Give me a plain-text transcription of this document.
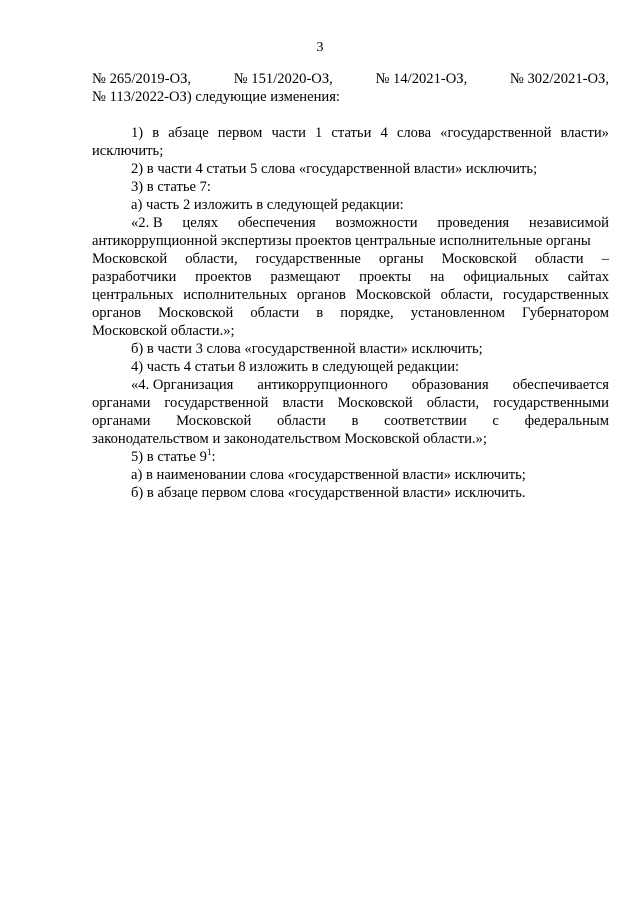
3
№ 265/2019-ОЗ,	№ 151/2020-ОЗ,	№ 14/2021-ОЗ,	№ 302/2021-ОЗ,
№ 113/2022-ОЗ) следующие изменения:
1) в абзаце первом части 1 статьи 4 слова «государственной власти»
исключить;
2) в части 4 статьи 5 слова «государственной власти» исключить;
3) в статье 7:
а) часть 2 изложить в следующей редакции:
«2. В целях обеспечения возможности проведения независимой
антикоррупционной экспертизы проектов центральные исполнительные органы
Московской области, государственные органы Московской области –
разработчики проектов размещают проекты на официальных сайтах
центральных исполнительных органов Московской области, государственных
органов Московской области в порядке, установленном Губернатором
Московской области.»;
б) в части 3 слова «государственной власти» исключить;
4) часть 4 статьи 8 изложить в следующей редакции:
«4. Организация антикоррупционного образования обеспечивается
органами государственной власти Московской области, государственными
органами Московской области в соответствии с федеральным
законодательством и законодательством Московской области.»;
5) в статье $9^1$:
а) в наименовании слова «государственной власти» исключить;
б) в абзаце первом слова «государственной власти» исключить.
